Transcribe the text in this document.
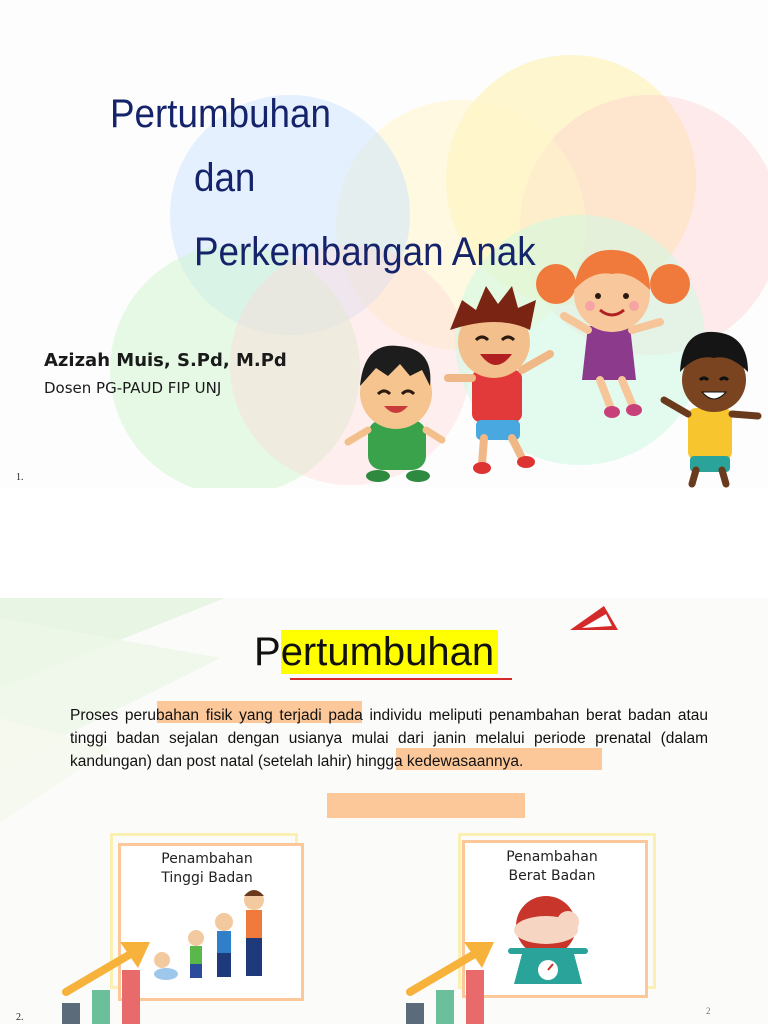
Pertumbuhan
dan
Perkembangan Anak
Azizah Muis, S.Pd, M.Pd
Dosen PG-PAUD FIP UNJ
1.
Pertumbuhan
Proses perubahan fisik yang terjadi pada individu meliputi penambahan berat badan atau tinggi badan sejalan dengan usianya mulai dari janin melalui periode prenatal (dalam kandungan) dan post natal (setelah lahir) hingga kedewasaannya.
Penambahan
Tinggi Badan
Penambahan
Berat Badan
2.
2
